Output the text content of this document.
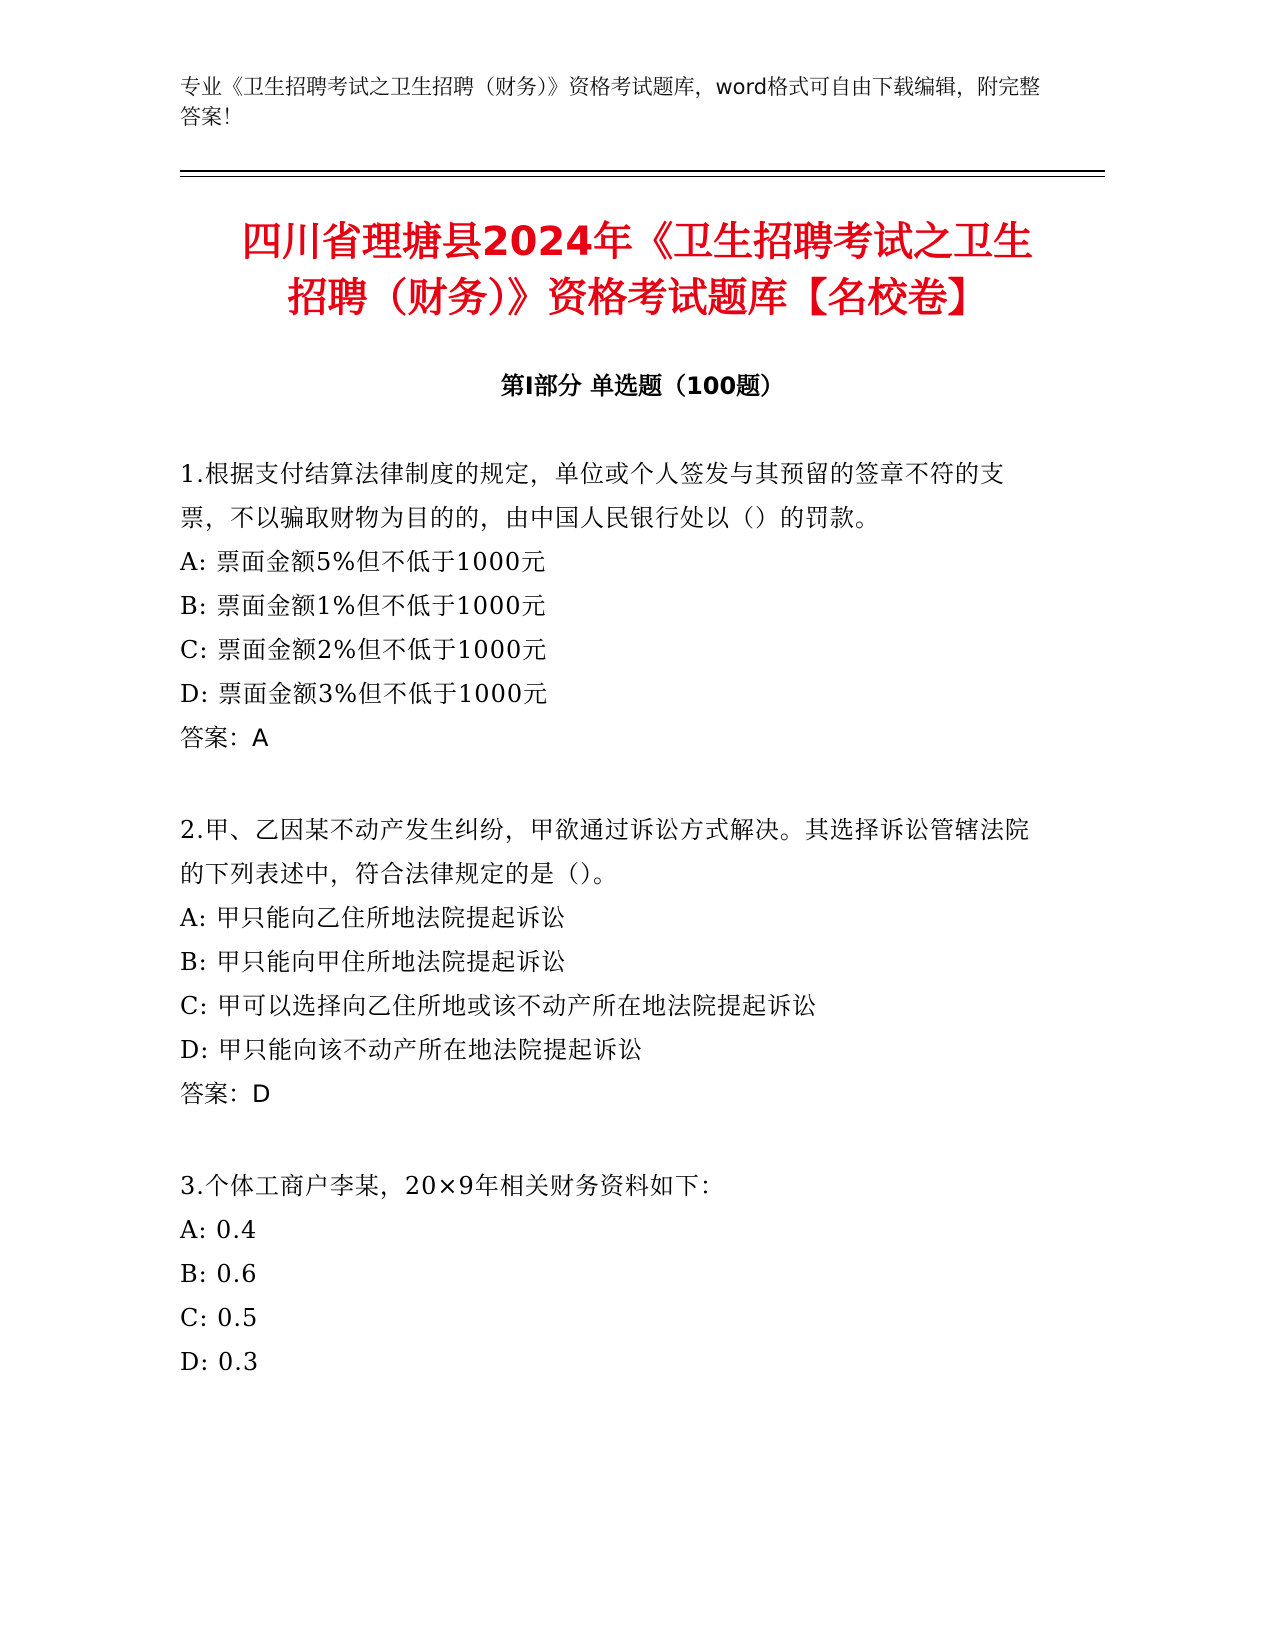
专业《卫生招聘考试之卫生招聘（财务）》资格考试题库，word格式可自由下载编辑，附完整答案！
四川省理塘县2024年《卫生招聘考试之卫生
招聘（财务）》资格考试题库【名校卷】
第I部分 单选题（100题）

1.根据支付结算法律制度的规定，单位或个人签发与其预留的签章不符的支票，不以骗取财物为目的的，由中国人民银行处以（）的罚款。

A: 票面金额5%但不低于1000元

B: 票面金额1%但不低于1000元

C: 票面金额2%但不低于1000元

D: 票面金额3%但不低于1000元

答案：A

2.甲、乙因某不动产发生纠纷，甲欲通过诉讼方式解决。其选择诉讼管辖法院的下列表述中，符合法律规定的是（）。

A: 甲只能向乙住所地法院提起诉讼

B: 甲只能向甲住所地法院提起诉讼

C: 甲可以选择向乙住所地或该不动产所在地法院提起诉讼

D: 甲只能向该不动产所在地法院提起诉讼

答案：D

3.个体工商户李某，20×9年相关财务资料如下：

A: 0.4

B: 0.6

C: 0.5

D: 0.3
